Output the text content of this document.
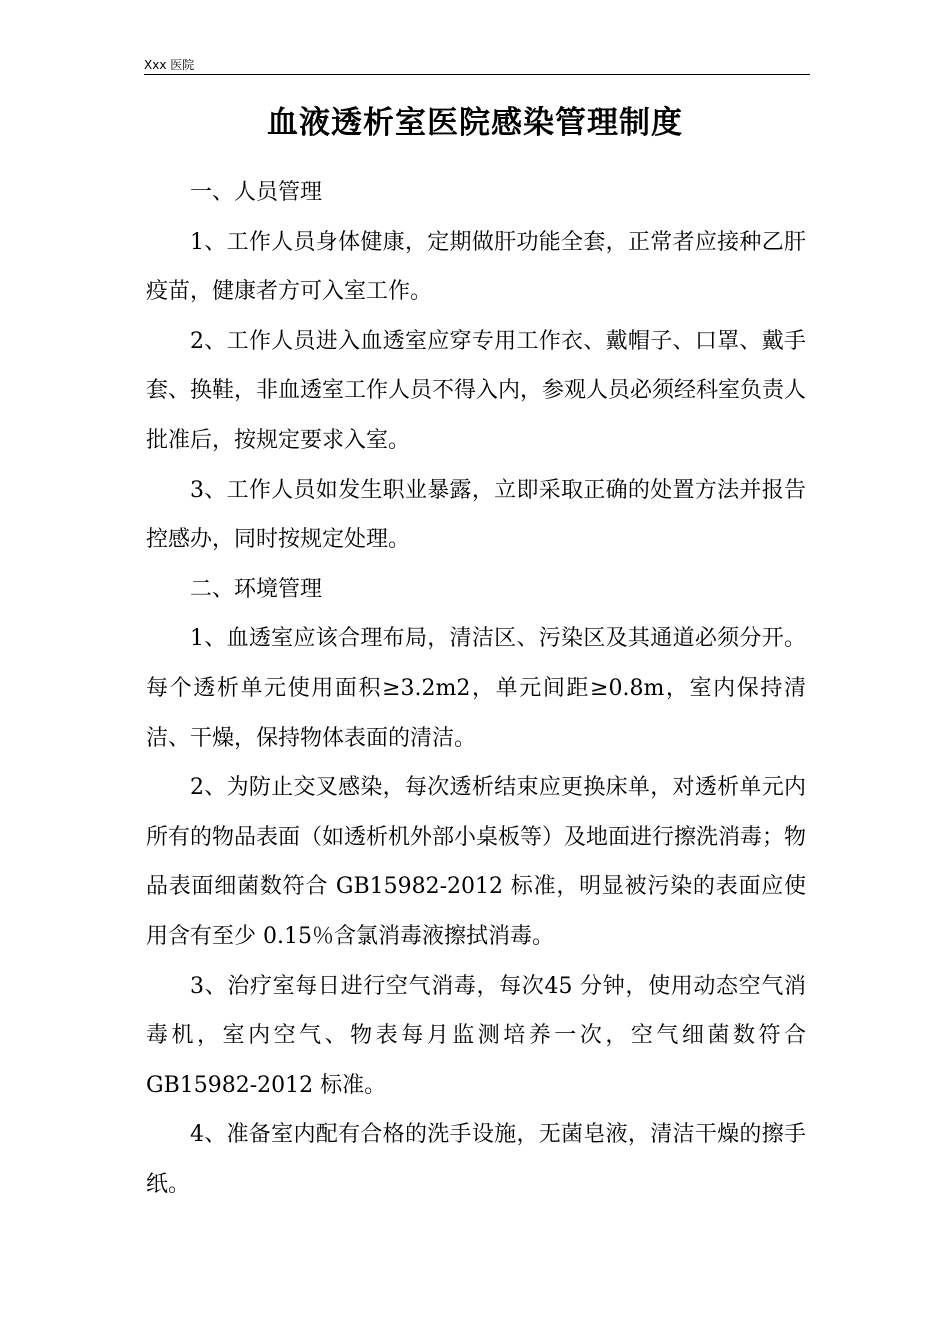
Xxx 医院
血液透析室医院感染管理制度

一、人员管理

1、工作人员身体健康，定期做肝功能全套，正常者应接种乙肝疫苗，健康者方可入室工作。

2、工作人员进入血透室应穿专用工作衣、戴帽子、口罩、戴手套、换鞋，非血透室工作人员不得入内，参观人员必须经科室负责人批准后，按规定要求入室。

3、工作人员如发生职业暴露，立即采取正确的处置方法并报告控感办，同时按规定处理。

二、环境管理

1、血透室应该合理布局，清洁区、污染区及其通道必须分开。每个透析单元使用面积≥3.2m2，单元间距≥0.8m，室内保持清洁、干燥，保持物体表面的清洁。

2、为防止交叉感染，每次透析结束应更换床单，对透析单元内所有的物品表面（如透析机外部小桌板等）及地面进行擦洗消毒；物品表面细菌数符合 GB15982-2012 标准，明显被污染的表面应使用含有至少 0.15％含氯消毒液擦拭消毒。

3、治疗室每日进行空气消毒，每次45 分钟，使用动态空气消毒机，室内空气、物表每月监测培养一次，空气细菌数符合 GB15982-2012 标准。

4、准备室内配有合格的洗手设施，无菌皂液，清洁干燥的擦手纸。
